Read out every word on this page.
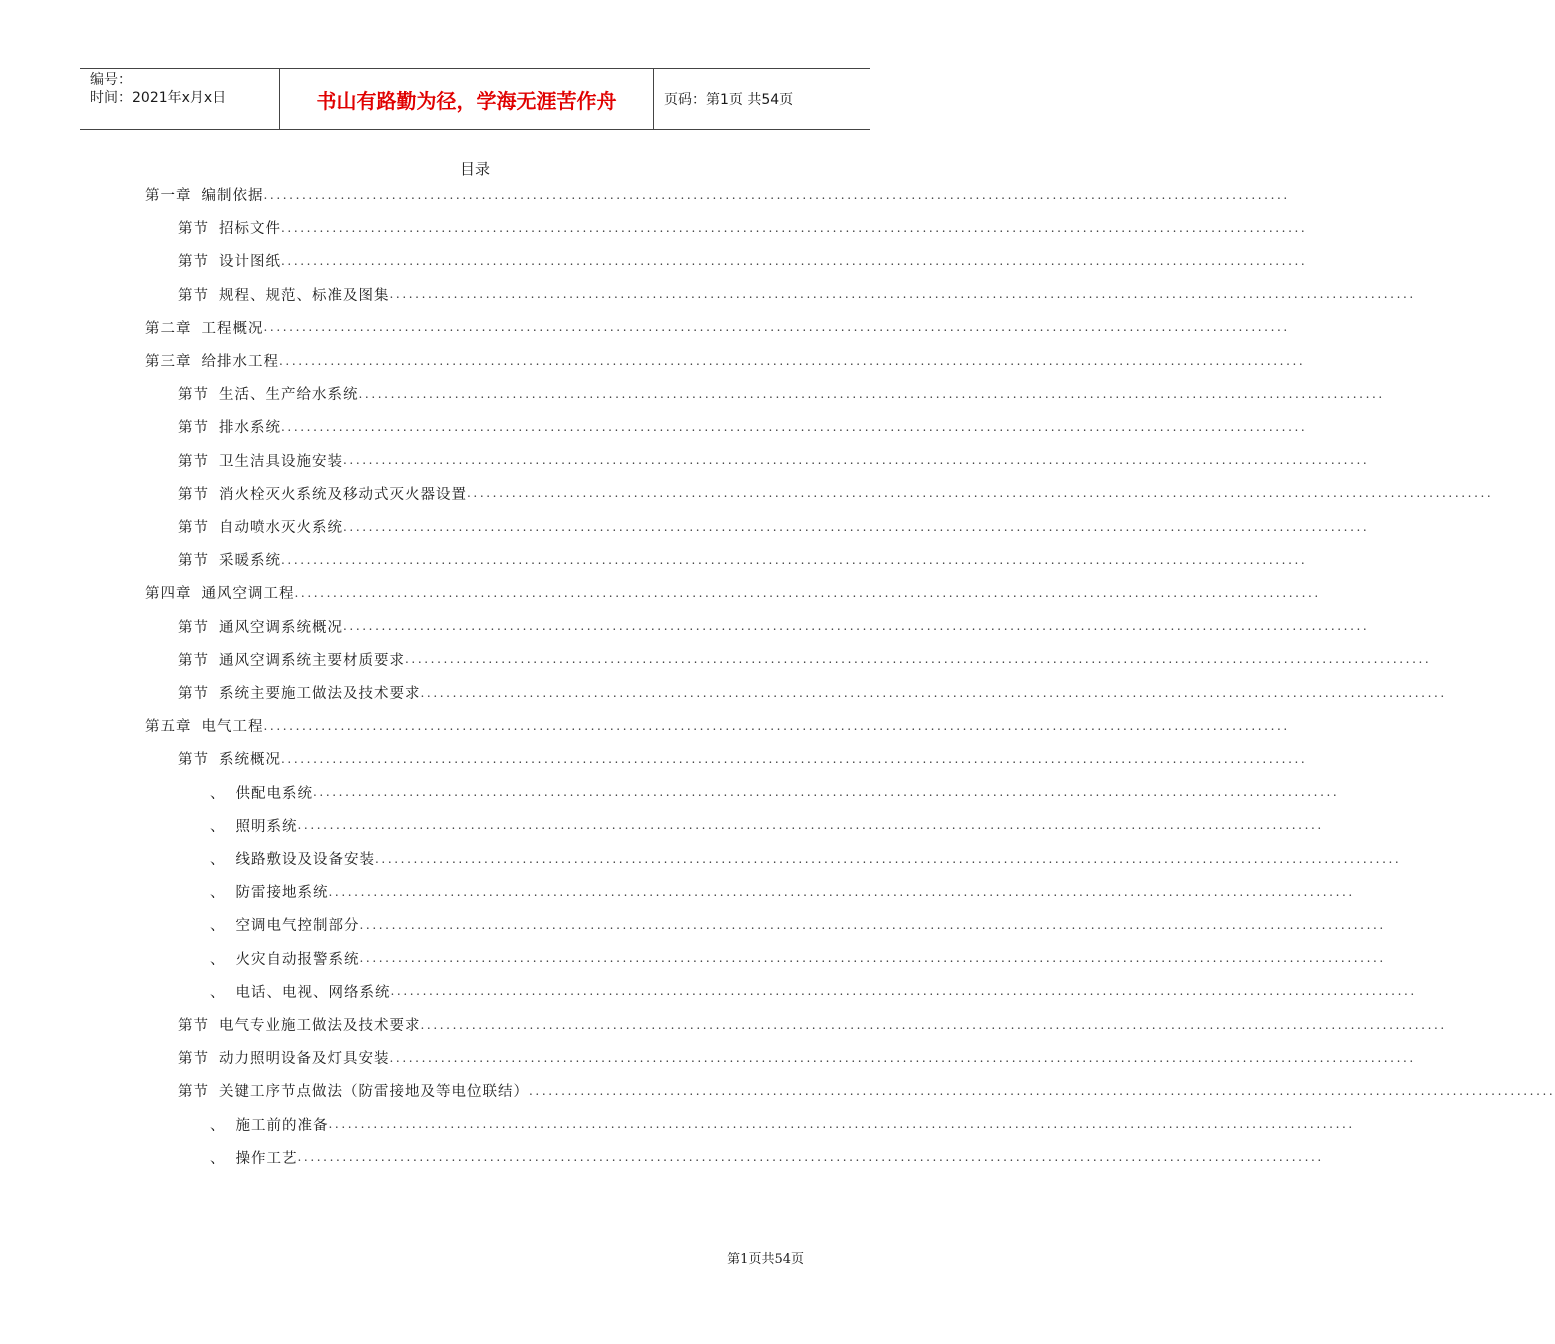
编号：
时间：2021年x月x日	书山有路勤为径，学海无涯苦作舟	页码：第1页 共54页
目录
第一章 编制依据 ................................................................................................................................................................
第节 招标文件 ................................................................................................................................................................
第节 设计图纸 ................................................................................................................................................................
第节 规程、规范、标准及图集 ................................................................................................................................................................
第二章 工程概况 ................................................................................................................................................................
第三章 给排水工程 ................................................................................................................................................................
第节 生活、生产给水系统 ................................................................................................................................................................
第节 排水系统 ................................................................................................................................................................
第节 卫生洁具设施安装 ................................................................................................................................................................
第节 消火栓灭火系统及移动式灭火器设置 ................................................................................................................................................................
第节 自动喷水灭火系统 ................................................................................................................................................................
第节 采暖系统 ................................................................................................................................................................
第四章 通风空调工程 ................................................................................................................................................................
第节 通风空调系统概况 ................................................................................................................................................................
第节 通风空调系统主要材质要求 ................................................................................................................................................................
第节 系统主要施工做法及技术要求 ................................................................................................................................................................
第五章 电气工程 ................................................................................................................................................................
第节 系统概况 ................................................................................................................................................................
、 供配电系统 ................................................................................................................................................................
、 照明系统 ................................................................................................................................................................
、 线路敷设及设备安装 ................................................................................................................................................................
、 防雷接地系统 ................................................................................................................................................................
、 空调电气控制部分 ................................................................................................................................................................
、 火灾自动报警系统 ................................................................................................................................................................
、 电话、电视、网络系统 ................................................................................................................................................................
第节 电气专业施工做法及技术要求 ................................................................................................................................................................
第节 动力照明设备及灯具安装 ................................................................................................................................................................
第节 关键工序节点做法（防雷接地及等电位联结） ................................................................................................................................................................
、 施工前的准备 ................................................................................................................................................................
、 操作工艺 ................................................................................................................................................................
第1页共54页
